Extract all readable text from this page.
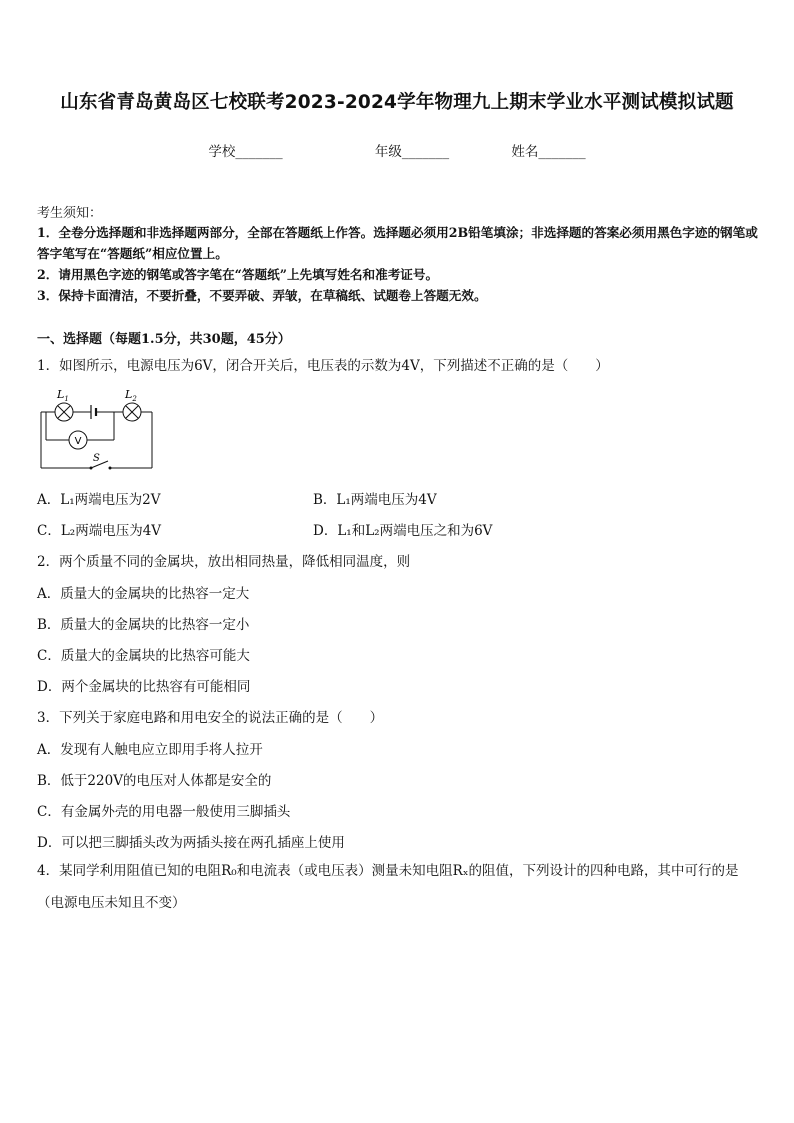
山东省青岛黄岛区七校联考2023-2024学年物理九上期末学业水平测试模拟试题
学校_______	年级_______	姓名_______
考生须知：
1．全卷分选择题和非选择题两部分，全部在答题纸上作答。选择题必须用2B铅笔填涂；非选择题的答案必须用黑色字迹的钢笔或答字笔写在“答题纸”相应位置上。
2．请用黑色字迹的钢笔或答字笔在“答题纸”上先填写姓名和准考证号。
3．保持卡面清洁，不要折叠，不要弄破、弄皱，在草稿纸、试题卷上答题无效。
一、选择题（每题1.5分，共30题，45分）
1．如图所示，电源电压为6V，闭合开关后，电压表的示数为4V，下列描述不正确的是（　　）
V
$L_1$	$L_2$
S
A．L₁两端电压为2V	B．L₁两端电压为4V
C．L₂两端电压为4V	D．L₁和L₂两端电压之和为6V
2．两个质量不同的金属块，放出相同热量，降低相同温度，则
A．质量大的金属块的比热容一定大
B．质量大的金属块的比热容一定小
C．质量大的金属块的比热容可能大
D．两个金属块的比热容有可能相同
3．下列关于家庭电路和用电安全的说法正确的是（　　）
A．发现有人触电应立即用手将人拉开
B．低于220V的电压对人体都是安全的
C．有金属外壳的用电器一般使用三脚插头
D．可以把三脚插头改为两插头接在两孔插座上使用
4．某同学利用阻值已知的电阻R₀和电流表（或电压表）测量未知电阻Rₓ的阻值，下列设计的四种电路，其中可行的是（电源电压未知且不变）
